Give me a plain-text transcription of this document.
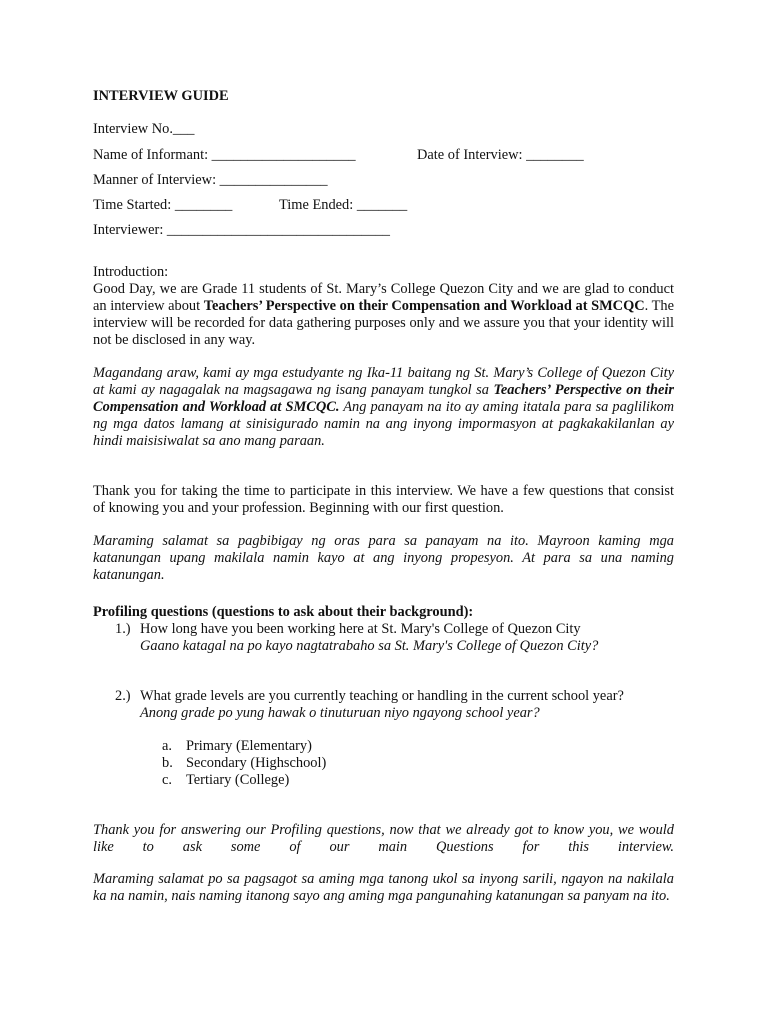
INTERVIEW GUIDE
Interview No.___
Name of Informant: ____________________	Date of Interview: ________
Manner of Interview: _______________
Time Started: ________	Time Ended: _______
Interviewer: _______________________________
Introduction:

Good Day, we are Grade 11 students of St. Mary’s College Quezon City and we are glad to conduct an interview about Teachers’ Perspective on their Compensation and Workload at SMCQC. The interview will be recorded for data gathering purposes only and we assure you that your identity will not be disclosed in any way.

Magandang araw, kami ay mga estudyante ng Ika-11 baitang ng St. Mary’s College of Quezon City at kami ay nagagalak na magsagawa ng isang panayam tungkol sa Teachers’ Perspective on their Compensation and Workload at SMCQC. Ang panayam na ito ay aming itatala para sa paglilikom ng mga datos lamang at sinisigurado namin na ang inyong impormasyon at pagkakakilanlan ay hindi maisisiwalat sa ano mang paraan.

Thank you for taking the time to participate in this interview. We have a few questions that consist of knowing you and your profession. Beginning with our first question.

Maraming salamat sa pagbibigay ng oras para sa panayam na ito. Mayroon kaming mga katanungan upang makilala namin kayo at ang inyong propesyon. At para sa una naming katanungan.

Profiling questions (questions to ask about their background):
1.) How long have you been working here at St. Mary's College of Quezon City
Gaano katagal na po kayo nagtatrabaho sa St. Mary's College of Quezon City?
2.) What grade levels are you currently teaching or handling in the current school year?
Anong grade po yung hawak o tinuturuan niyo ngayong school year?
a. Primary (Elementary)
b. Secondary (Highschool)
c. Tertiary (College)

Thank you for answering our Profiling questions, now that we already got to know you, we would like to ask some of our main Questions for this interview.

Maraming salamat po sa pagsagot sa aming mga tanong ukol sa inyong sarili, ngayon na nakilala ka na namin, nais naming itanong sayo ang aming mga pangunahing katanungan sa panyam na ito.
